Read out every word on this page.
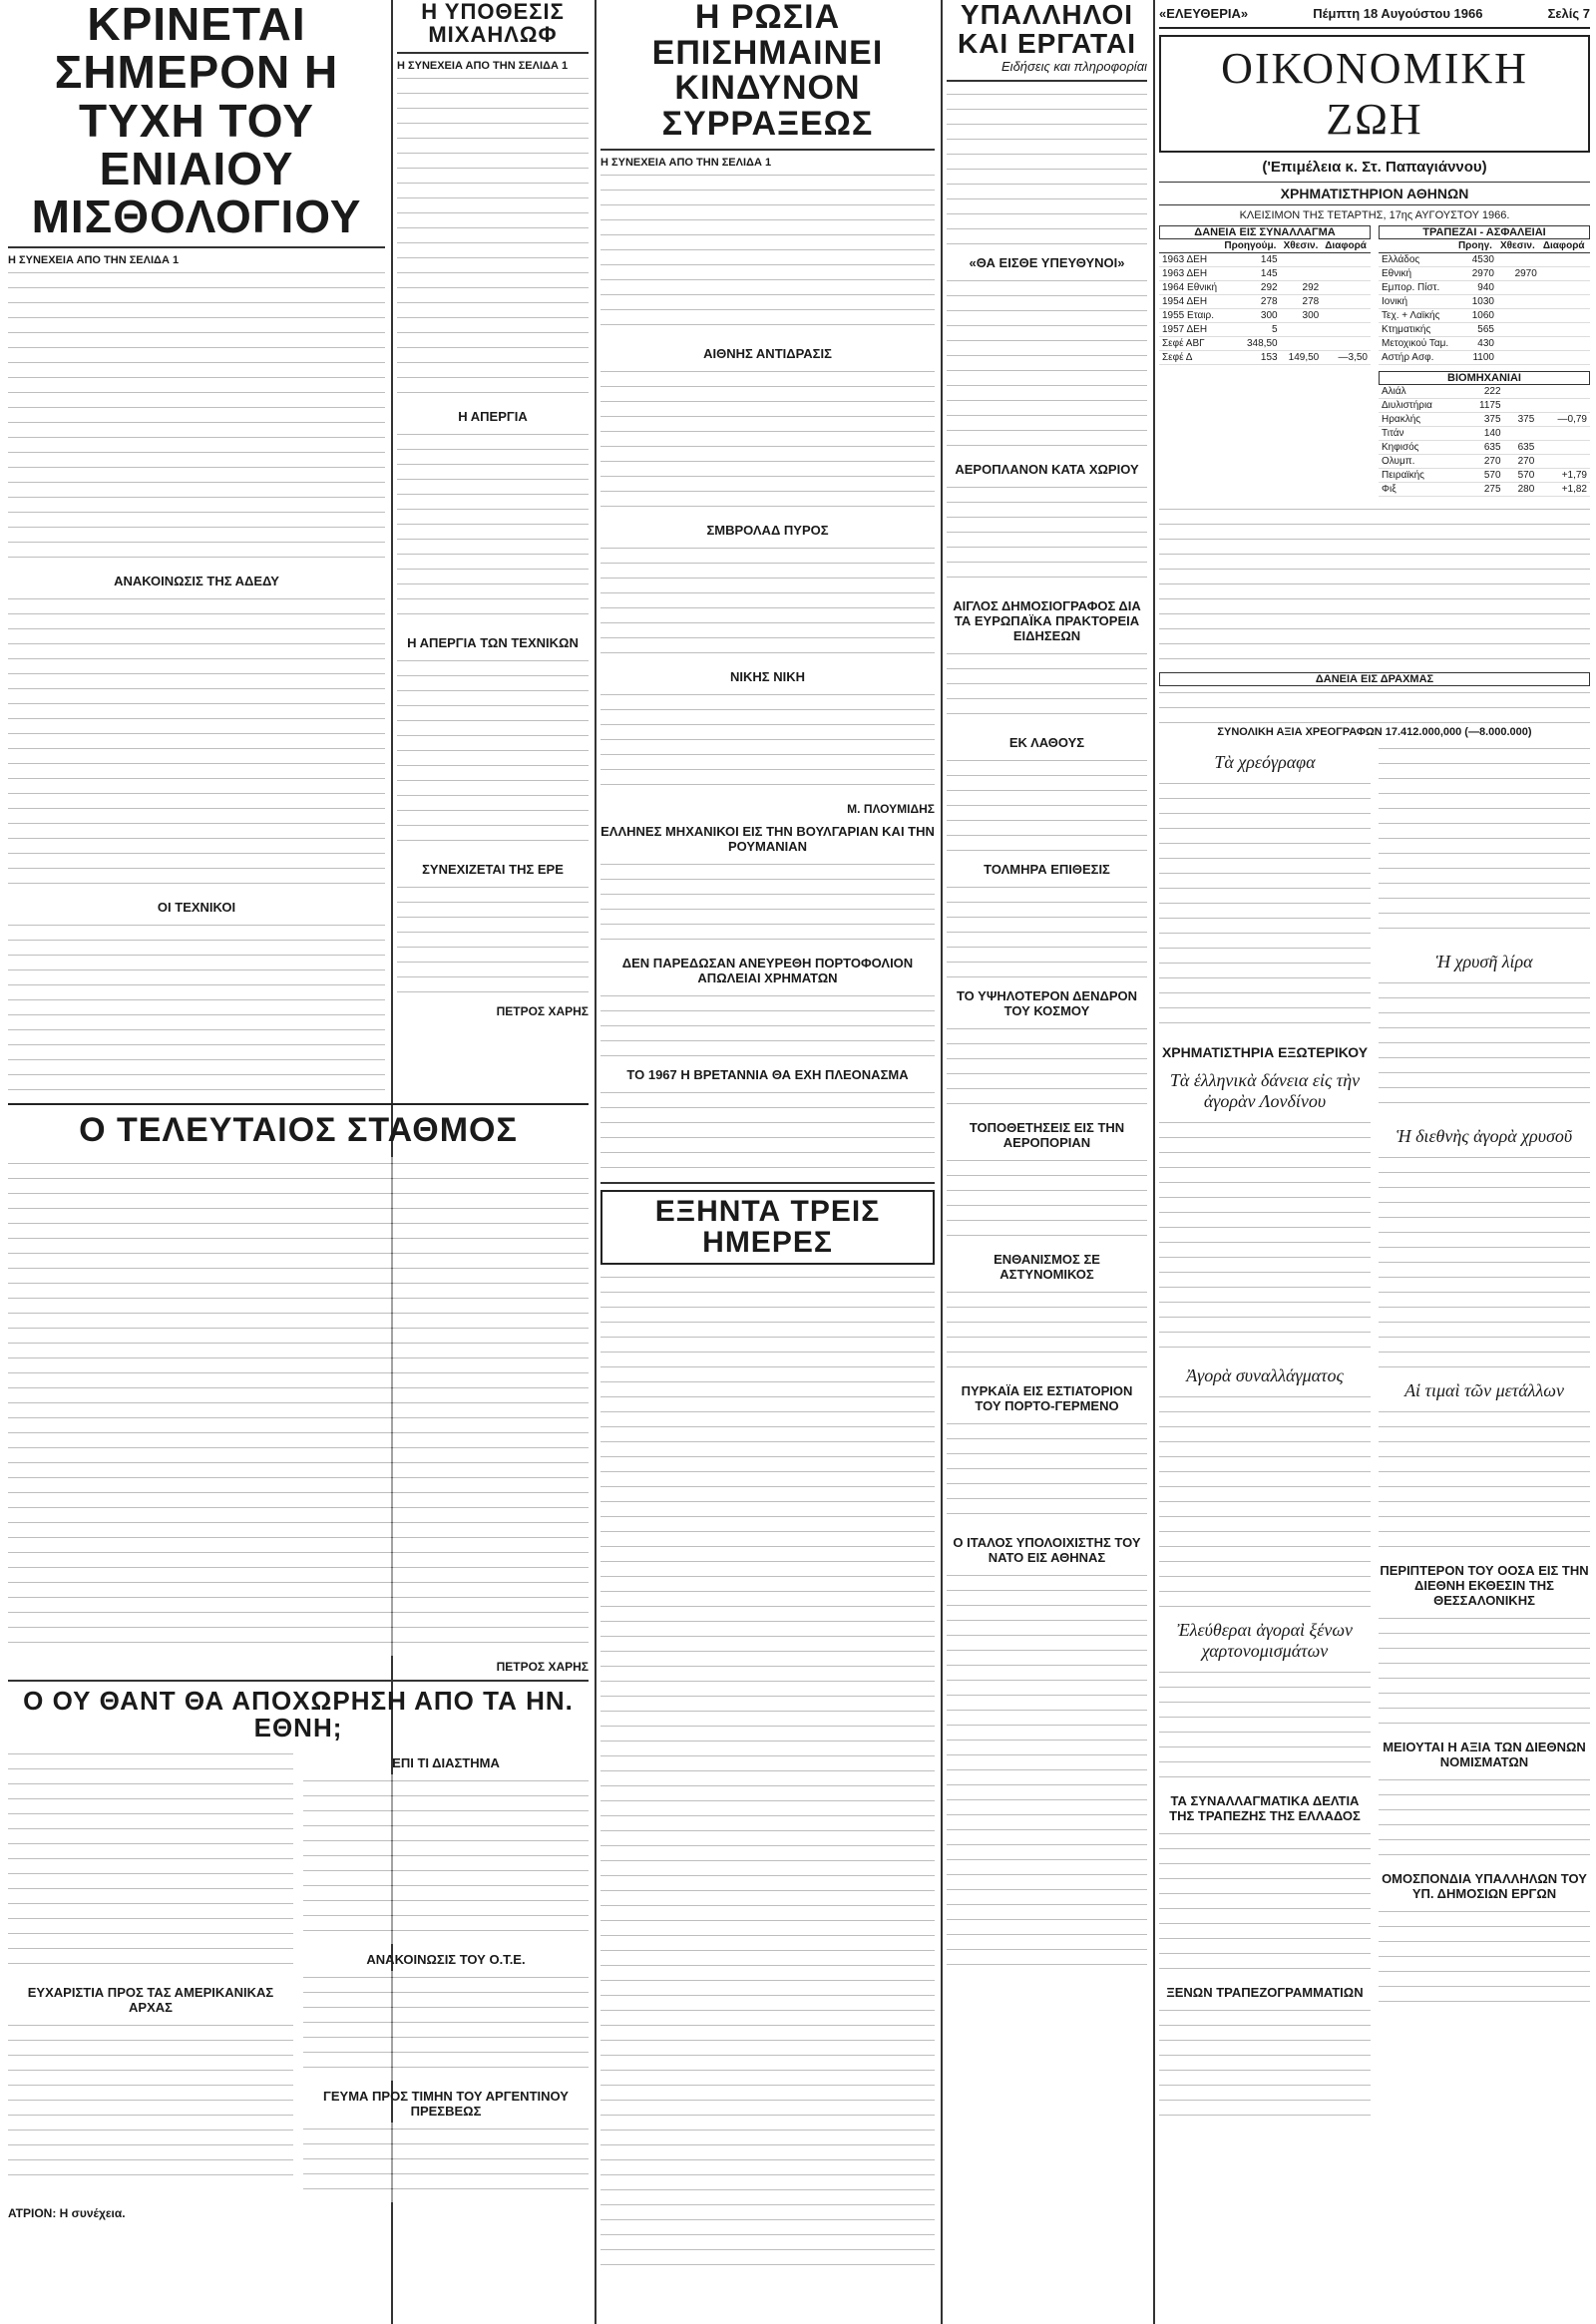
ΚΡΙΝΕΤΑΙ ΣΗΜΕΡΟΝ Η ΤΥΧΗ ΤΟΥ ΕΝΙΑΙΟΥ ΜΙΣΘΟΛΟΓΙΟΥ
Η ΣΥΝΕΧΕΙΑ ΑΠΟ ΤΗΝ ΣΕΛΙΔΑ 1
ΑΝΑΚΟΙΝΩΣΙΣ ΤΗΣ ΑΔΕΔΥ
ΟΙ ΤΕΧΝΙΚΟΙ
Η ΥΠΟΘΕΣΙΣ ΜΙΧΑΗΛΩΦ
Η ΣΥΝΕΧΕΙΑ ΑΠΟ ΤΗΝ ΣΕΛΙΔΑ 1
Η ΑΠΕΡΓΙΑ
Η ΑΠΕΡΓΙΑ ΤΩΝ ΤΕΧΝΙΚΩΝ
ΣΥΝΕΧΙΖΕΤΑΙ ΤΗΣ ΕΡΕ
ΠΕΤΡΟΣ ΧΑΡΗΣ
Η ΡΩΣΙΑ ΕΠΙΣΗΜΑΙΝΕΙ ΚΙΝΔΥΝΟΝ ΣΥΡΡΑΞΕΩΣ
Η ΣΥΝΕΧΕΙΑ ΑΠΟ ΤΗΝ ΣΕΛΙΔΑ 1
ΑΙΘΝΗΣ ΑΝΤΙΔΡΑΣΙΣ
ΣΜΒΡΟΛΑΔ ΠΥΡΟΣ
ΝΙΚΗΣ ΝΙΚΗ
Μ. ΠΛΟΥΜΙΔΗΣ
ΕΛΛΗΝΕΣ ΜΗΧΑΝΙΚΟΙ ΕΙΣ ΤΗΝ ΒΟΥΛΓΑΡΙΑΝ ΚΑΙ ΤΗΝ ΡΟΥΜΑΝΙΑΝ
ΔΕΝ ΠΑΡΕΔΩΣΑΝ ΑΝΕΥΡΕΘΗ ΠΟΡΤΟΦΟΛΙΟΝ ΑΠΩΛΕΙΑΙ ΧΡΗΜΑΤΩΝ
ΤΟ 1967 Η ΒΡΕΤΑΝΝΙΑ ΘΑ ΕΧΗ ΠΛΕΟΝΑΣΜΑ
ΕΞΗΝΤΑ ΤΡΕΙΣ ΗΜΕΡΕΣ
ΥΠΑΛΛΗΛΟΙ ΚΑΙ ΕΡΓΑΤΑΙ
Ειδήσεις και πληροφορίαι
«ΘΑ ΕΙΣΘΕ ΥΠΕΥΘΥΝΟΙ»
ΑΕΡΟΠΛΑΝΟΝ ΚΑΤΑ ΧΩΡΙΟΥ
ΑΙΓΛΟΣ ΔΗΜΟΣΙΟΓΡΑΦΟΣ ΔΙΑ ΤΑ ΕΥΡΩΠΑΪΚΑ ΠΡΑΚΤΟΡΕΙΑ ΕΙΔΗΣΕΩΝ
ΕΚ ΛΑΘΟΥΣ
ΤΟΛΜΗΡΑ ΕΠΙΘΕΣΙΣ
ΤΟ ΥΨΗΛΟΤΕΡΟΝ ΔΕΝΔΡΟΝ ΤΟΥ ΚΟΣΜΟΥ
ΤΟΠΟΘΕΤΗΣΕΙΣ ΕΙΣ ΤΗΝ ΑΕΡΟΠΟΡΙΑΝ
ΕΝΘΑΝΙΣΜΟΣ ΣΕ ΑΣΤΥΝΟΜΙΚΟΣ
ΠΥΡΚΑΪΑ ΕΙΣ ΕΣΤΙΑΤΟΡΙΟΝ ΤΟΥ ΠΟΡΤΟ-ΓΕΡΜΕΝΟ
Ο ΙΤΑΛΟΣ ΥΠΟΛΟΙΧΙΣΤΗΣ ΤΟΥ ΝΑΤΟ ΕΙΣ ΑΘΗΝΑΣ
«ΕΛΕΥΘΕΡΙΑ»	Πέμπτη 18 Αυγούστου 1966	Σελίς 7
ΟΙΚΟΝΟΜΙΚΗ ΖΩΗ
('Επιμέλεια κ. Στ. Παπαγιάννου)
ΧΡΗΜΑΤΙΣΤΗΡΙΟΝ ΑΘΗΝΩΝ
ΚΛΕΙΣΙΜΟΝ ΤΗΣ ΤΕΤΑΡΤΗΣ, 17ης ΑΥΓΟΥΣΤΟΥ 1966.
ΔΑΝΕΙΑ ΕΙΣ ΣΥΝΑΛΛΑΓΜΑ
	Προηγούμ.	Χθεσιν.	Διαφορά
1963 ΔΕΗ	145		
1963 ΔΕΗ	145		
1964 Εθνική	292	292	
1954 ΔΕΗ	278	278	
1955 Εταιρ.	300	300	
1957 ΔΕΗ	5		
Σεφέ ΑΒΓ	348,50		
Σεφέ Δ	153	149,50	—3,50
ΤΡΑΠΕΖΑΙ - ΑΣΦΑΛΕΙΑΙ
	Προηγ.	Χθεσιν.	Διαφορά
Ελλάδος	4530		
Εθνική	2970	2970	
Εμπορ. Πίστ.	940		
Ιονική	1030		
Τεχ. + Λαϊκής	1060		
Κτηματικής	565		
Μετοχικού Ταμ.	430		
Αστήρ Ασφ.	1100		
ΒΙΟΜΗΧΑΝΙΑΙ
Αλιάλ	222		
Διυλιστήρια	1175		
Ηρακλής	375	375	—0,79
Τιτάν	140		
Κηφισός	635	635	
Ολυμπ.	270	270	
Πειραϊκής	570	570	+1,79
Φιξ	275	280	+1,82
ΔΑΝΕΙΑ ΕΙΣ ΔΡΑΧΜΑΣ
ΣΥΝΟΛΙΚΗ ΑΞΙΑ ΧΡΕΟΓΡΑΦΩΝ 17.412.000,000 (—8.000.000)
Τὰ χρεόγραφα
ΧΡΗΜΑΤΙΣΤΗΡΙΑ ΕΞΩΤΕΡΙΚΟΥ
Τὰ ἑλληνικὰ δάνεια εἰς τὴν ἀγορὰν Λονδίνου
Ἀγορὰ συναλλάγματος
Ἐλεύθεραι ἀγοραὶ ξένων χαρτονομισμάτων
ΤΑ ΣΥΝΑΛΛΑΓΜΑΤΙΚΑ ΔΕΛΤΙΑ ΤΗΣ ΤΡΑΠΕΖΗΣ ΤΗΣ ΕΛΛΑΔΟΣ
ΞΕΝΩΝ ΤΡΑΠΕΖΟΓΡΑΜΜΑΤΙΩΝ
Ἡ χρυσῆ λίρα
Ἡ διεθνὴς ἀγορὰ χρυσοῦ
Αἱ τιμαὶ τῶν μετάλλων
ΠΕΡΙΠΤΕΡΟΝ ΤΟΥ ΟΟΣΑ ΕΙΣ ΤΗΝ ΔΙΕΘΝΗ ΕΚΘΕΣΙΝ ΤΗΣ ΘΕΣΣΑΛΟΝΙΚΗΣ
ΜΕΙΟΥΤΑΙ Η ΑΞΙΑ ΤΩΝ ΔΙΕΘΝΩΝ ΝΟΜΙΣΜΑΤΩΝ
ΟΜΟΣΠΟΝΔΙΑ ΥΠΑΛΛΗΛΩΝ ΤΟΥ ΥΠ. ΔΗΜΟΣΙΩΝ ΕΡΓΩΝ
Ο ΤΕΛΕΥΤΑΙΟΣ ΣΤΑΘΜΟΣ
ΠΕΤΡΟΣ ΧΑΡΗΣ
Ο ΟΥ ΘΑΝΤ ΘΑ ΑΠΟΧΩΡΗΣΗ ΑΠΟ ΤΑ ΗΝ. ΕΘΝΗ;
ΕΥΧΑΡΙΣΤΙΑ ΠΡΟΣ ΤΑΣ ΑΜΕΡΙΚΑΝΙΚΑΣ ΑΡΧΑΣ
ΕΠΙ ΤΙ ΔΙΑΣΤΗΜΑ
ΑΝΑΚΟΙΝΩΣΙΣ ΤΟΥ Ο.Τ.Ε.
ΓΕΥΜΑ ΠΡΟΣ ΤΙΜΗΝ ΤΟΥ ΑΡΓΕΝΤΙΝΟΥ ΠΡΕΣΒΕΩΣ
ΑΤΡΙΟΝ: Η συνέχεια.
